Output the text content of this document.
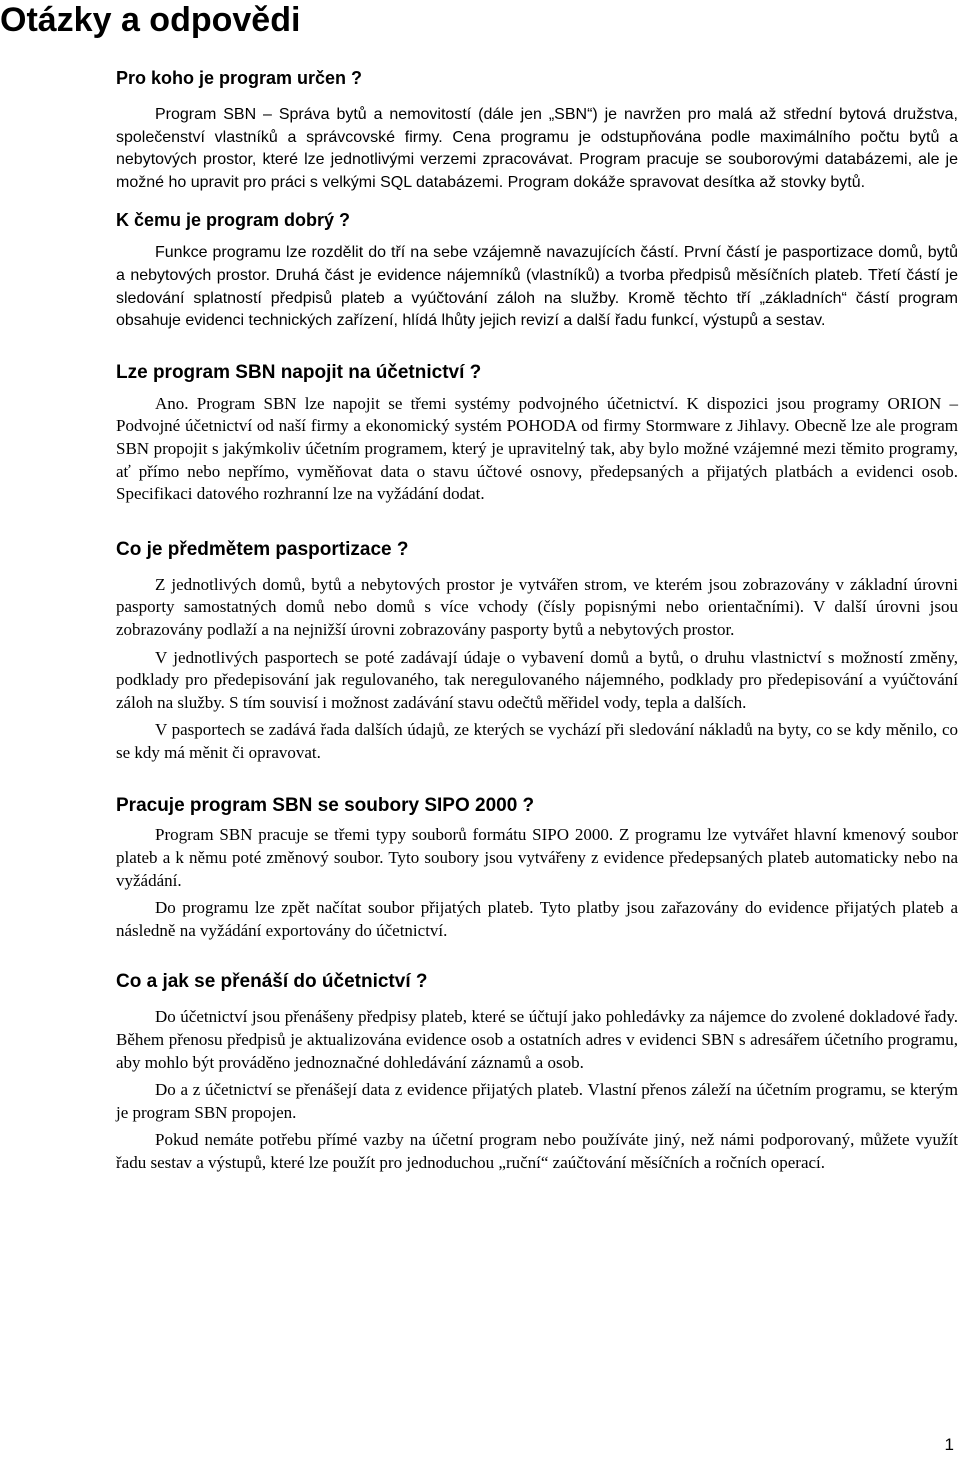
Otázky a odpovědi
Pro koho je program určen ?

Program SBN – Správa bytů a nemovitostí (dále jen „SBN“) je navržen pro malá až střední bytová družstva, společenství vlastníků a správcovské firmy. Cena programu je odstupňována podle maximálního počtu bytů a nebytových prostor, které lze jednotlivými verzemi zpracovávat. Program pracuje se souborovými databázemi, ale je možné ho upravit pro práci s velkými SQL databázemi. Program dokáže spravovat desítka až stovky bytů.

K čemu je program dobrý ?

Funkce programu lze rozdělit do tří na sebe vzájemně navazujících částí. První částí je pasportizace domů, bytů a nebytových prostor. Druhá část je evidence nájemníků (vlastníků) a tvorba předpisů měsíčních plateb. Třetí částí je sledování splatností předpisů plateb a vyúčtování záloh na služby. Kromě těchto tří „základních“ částí program obsahuje evidenci technických zařízení, hlídá lhůty jejich revizí a další řadu funkcí, výstupů a sestav.

Lze program SBN napojit na účetnictví ?

Ano. Program SBN lze napojit se třemi systémy podvojného účetnictví. K dispozici jsou programy ORION – Podvojné účetnictví od naší firmy a ekonomický systém POHODA od firmy Stormware z Jihlavy. Obecně lze ale program SBN propojit s jakýmkoliv účetním programem, který je upravitelný tak, aby bylo možné vzájemné mezi těmito programy, ať přímo nebo nepřímo, vyměňovat data o stavu účtové osnovy, předepsaných a přijatých platbách a evidenci osob. Specifikaci datového rozhranní lze na vyžádání dodat.

Co je předmětem pasportizace ?

Z jednotlivých domů, bytů a nebytových prostor je vytvářen strom, ve kterém jsou zobrazovány v základní úrovni pasporty samostatných domů nebo domů s více vchody (čísly popisnými nebo orientačními). V další úrovni jsou zobrazovány podlaží a na nejnižší úrovni zobrazovány pasporty bytů a nebytových prostor.

V jednotlivých pasportech se poté zadávají údaje o vybavení domů a bytů, o druhu vlastnictví s možností změny, podklady pro předepisování jak regulovaného, tak neregulovaného nájemného, podklady pro předepisování a vyúčtování záloh na služby. S tím souvisí i možnost zadávání stavu odečtů měřidel vody, tepla a dalších.

V pasportech se zadává řada dalších údajů, ze kterých se vychází při sledování nákladů na byty, co se kdy měnilo, co se kdy má měnit či opravovat.

Pracuje program SBN se soubory SIPO 2000 ?

Program SBN pracuje se třemi typy souborů formátu SIPO 2000. Z programu lze vytvářet hlavní kmenový soubor plateb a k němu poté změnový soubor. Tyto soubory jsou vytvářeny z evidence předepsaných plateb automaticky nebo na vyžádání.

Do programu lze zpět načítat soubor přijatých plateb. Tyto platby jsou zařazovány do evidence přijatých plateb a následně na vyžádání exportovány do účetnictví.

Co a jak se přenáší do účetnictví ?

Do účetnictví jsou přenášeny předpisy plateb, které se účtují jako pohledávky za nájemce do zvolené dokladové řady. Během přenosu předpisů je aktualizována evidence osob a ostatních adres v evidenci SBN s adresářem účetního programu, aby mohlo být prováděno jednoznačné dohledávání záznamů a osob.

Do a z účetnictví se přenášejí data z evidence přijatých plateb. Vlastní přenos záleží na účetním programu, se kterým je program SBN propojen.

Pokud nemáte potřebu přímé vazby na účetní program nebo používáte jiný, než námi podporovaný, můžete využít řadu sestav a výstupů, které lze použít pro jednoduchou „ruční“ zaúčtování měsíčních a ročních operací.

1
